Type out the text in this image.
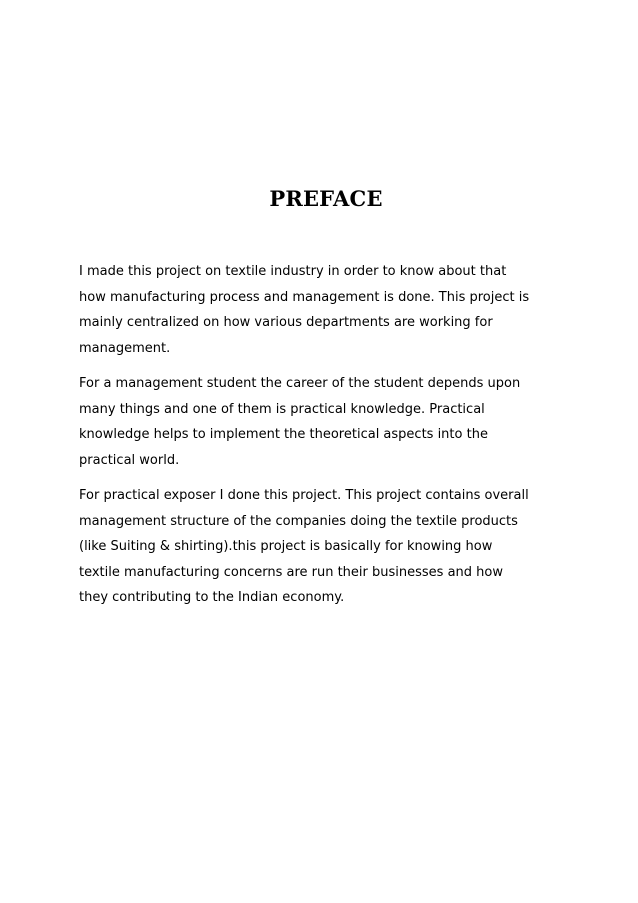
PREFACE

I made this project on textile industry in order to know about that
how manufacturing process and management is done. This project is
mainly centralized on how various departments are working for
management.

For a management student the career of the student depends upon
many things and one of them is practical knowledge. Practical
knowledge helps to implement the theoretical aspects into the
practical world.

For practical exposer I done this project. This project contains overall
management structure of the companies doing the textile products
(like Suiting & shirting).this project is basically for knowing how
textile manufacturing concerns are run their businesses and how
they contributing to the Indian economy.
